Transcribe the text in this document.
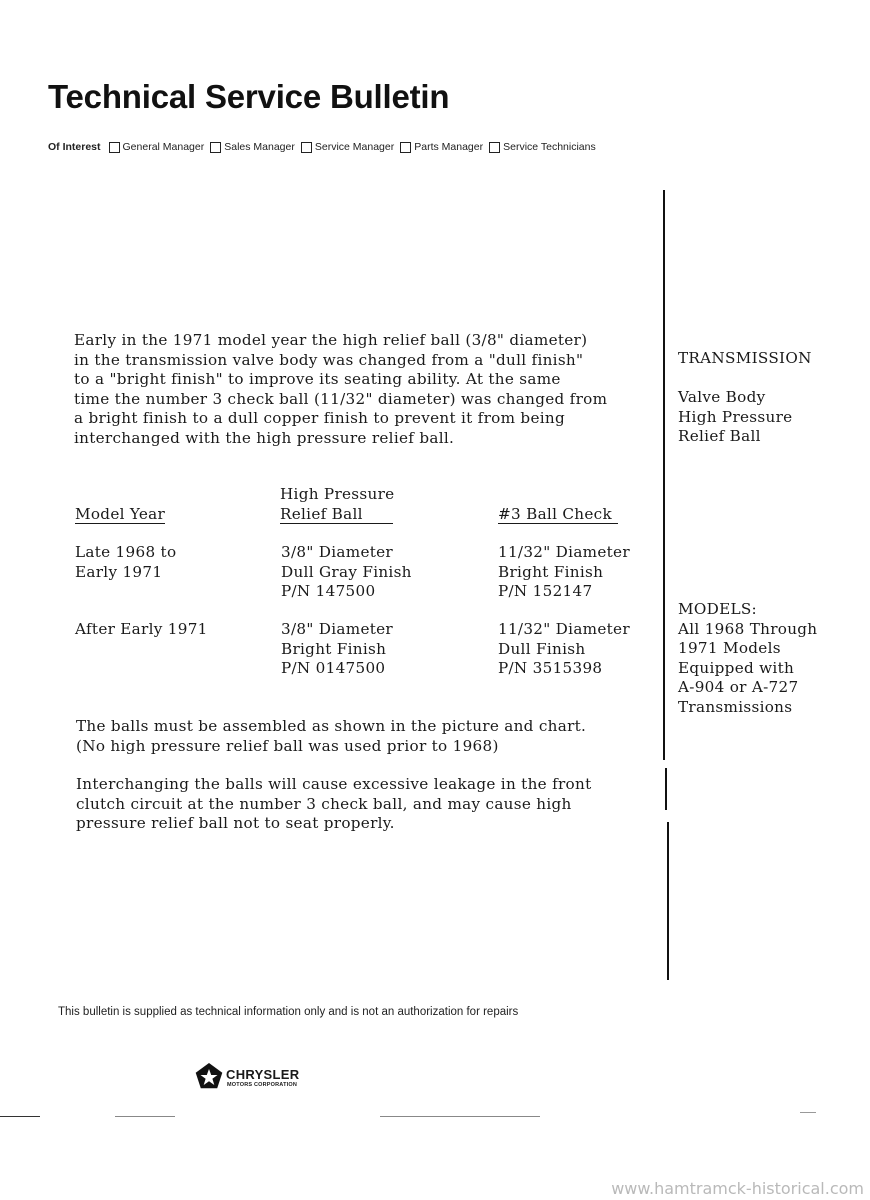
Technical Service Bulletin
Of Interest General Manager Sales Manager Service Manager Parts Manager Service Technicians
Early in the 1971 model year the high relief ball (3/8" diameter)
in the transmission valve body was changed from a "dull finish"
to a "bright finish" to improve its seating ability. At the same
time the number 3 check ball (11/32" diameter) was changed from
a bright finish to a dull copper finish to prevent it from being
interchanged with the high pressure relief ball.
TRANSMISSION
Valve Body
High Pressure
Relief Ball
MODELS:
All 1968 Through
1971 Models
Equipped with
A-904 or A-727
Transmissions
Model Year
High Pressure
Relief Ball	#3 Ball Check
Late 1968 to
Early 1971
3/8" Diameter
Dull Gray Finish
P/N 147500
11/32" Diameter
Bright Finish
P/N 152147
After Early 1971	3/8" Diameter
Bright Finish
P/N 0147500
11/32" Diameter
Dull Finish
P/N 3515398
The balls must be assembled as shown in the picture and chart.
(No high pressure relief ball was used prior to 1968)
Interchanging the balls will cause excessive leakage in the front
clutch circuit at the number 3 check ball, and may cause high
pressure relief ball not to seat properly.
This bulletin is supplied as technical information only and is not an authorization for repairs
CHRYSLER
MOTORS CORPORATION
www.hamtramck-historical.com
